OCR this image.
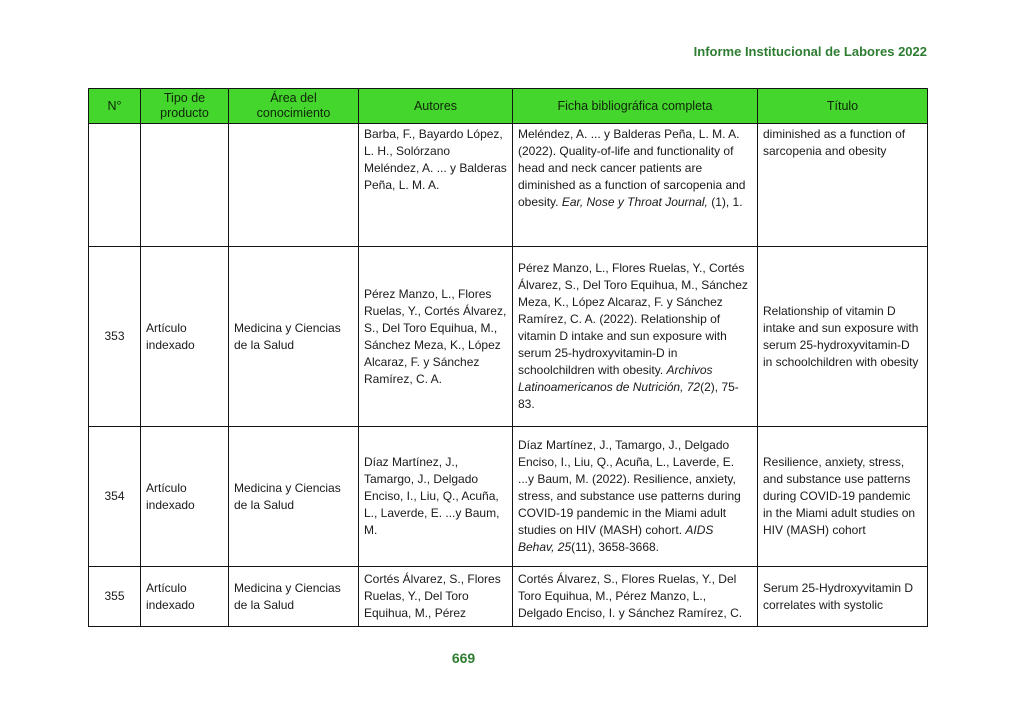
Informe Institucional de Labores 2022
N°	Tipo de producto	Área del conocimiento	Autores	Ficha bibliográfica completa	Título
			Barba, F., Bayardo López, L. H., Solórzano Meléndez, A. ... y Balderas Peña, L. M. A.	Meléndez, A. ... y Balderas Peña, L. M. A. (2022). Quality-of-life and functionality of head and neck cancer patients are diminished as a function of sarcopenia and obesity. Ear, Nose y Throat Journal, (1), 1.	diminished as a function of sarcopenia and obesity
353	Artículo indexado	Medicina y Ciencias de la Salud	Pérez Manzo, L., Flores Ruelas, Y., Cortés Álvarez, S., Del Toro Equihua, M., Sánchez Meza, K., López Alcaraz, F. y Sánchez Ramírez, C. A.	Pérez Manzo, L., Flores Ruelas, Y., Cortés Álvarez, S., Del Toro Equihua, M., Sánchez Meza, K., López Alcaraz, F. y Sánchez Ramírez, C. A. (2022). Relationship of vitamin D intake and sun exposure with serum 25-hydroxyvitamin-D in schoolchildren with obesity. Archivos Latinoamericanos de Nutrición, 72(2), 75-83.	Relationship of vitamin D intake and sun exposure with serum 25-hydroxyvitamin-D in schoolchildren with obesity
354	Artículo indexado	Medicina y Ciencias de la Salud	Díaz Martínez, J., Tamargo, J., Delgado Enciso, I., Liu, Q., Acuña, L., Laverde, E. ...y Baum, M.	Díaz Martínez, J., Tamargo, J., Delgado Enciso, I., Liu, Q., Acuña, L., Laverde, E. ...y Baum, M. (2022). Resilience, anxiety, stress, and substance use patterns during COVID-19 pandemic in the Miami adult studies on HIV (MASH) cohort. AIDS Behav, 25(11), 3658-3668.	Resilience, anxiety, stress, and substance use patterns during COVID-19 pandemic in the Miami adult studies on HIV (MASH) cohort
355	Artículo indexado	Medicina y Ciencias de la Salud	Cortés Álvarez, S., Flores Ruelas, Y., Del Toro Equihua, M., Pérez	Cortés Álvarez, S., Flores Ruelas, Y., Del Toro Equihua, M., Pérez Manzo, L., Delgado Enciso, I. y Sánchez Ramírez, C.	Serum 25-Hydroxyvitamin D correlates with systolic
669
